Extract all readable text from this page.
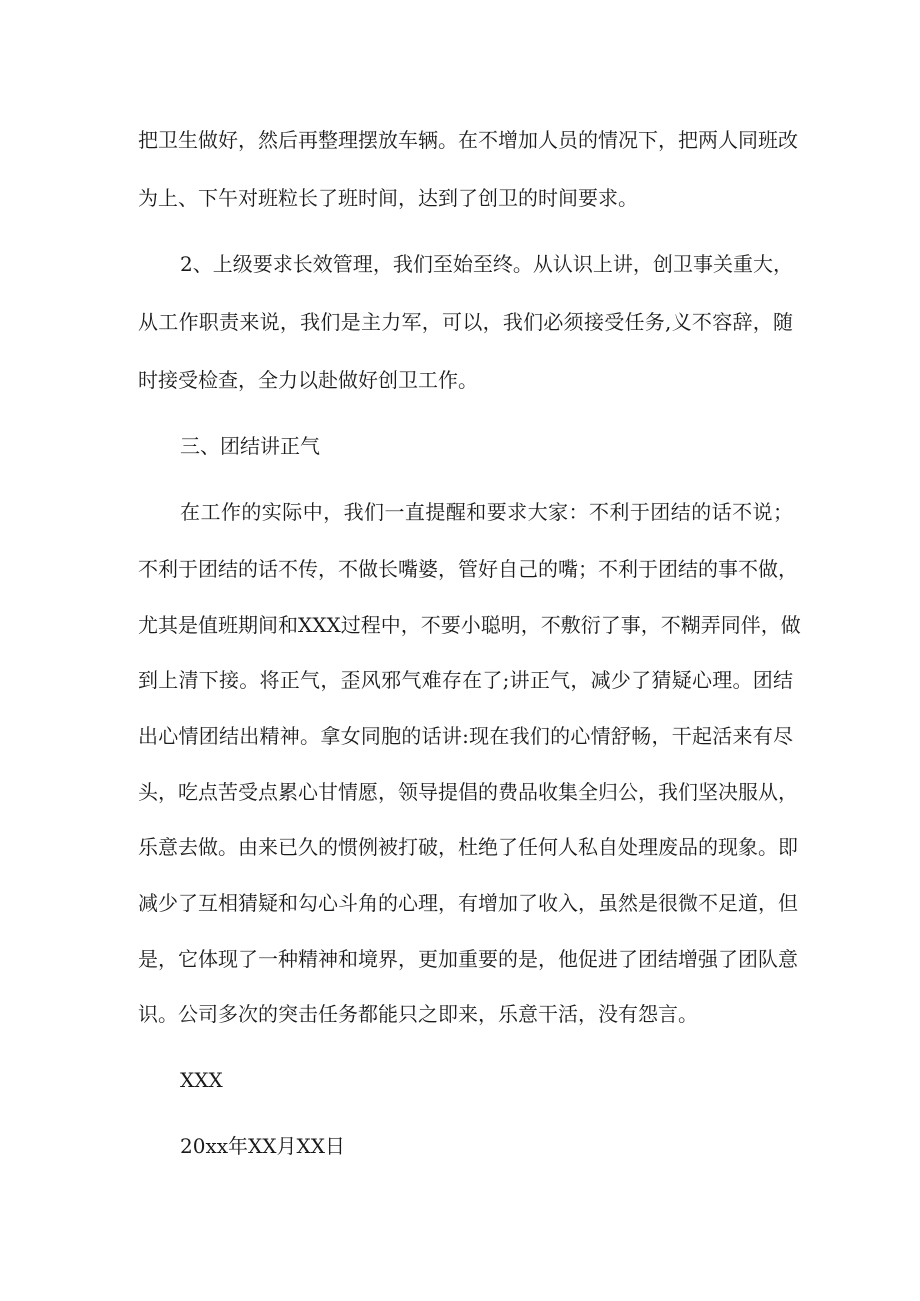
把卫生做好，然后再整理摆放车辆。在不增加人员的情况下，把两人同班改
为上、下午对班粒长了班时间，达到了创卫的时间要求。
2、上级要求长效管理，我们至始至终。从认识上讲，创卫事关重大，
从工作职责来说，我们是主力军，可以，我们必须接受任务,义不容辞，随
时接受检查，全力以赴做好创卫工作。
三、团结讲正气
在工作的实际中，我们一直提醒和要求大家：不利于团结的话不说；
不利于团结的话不传，不做长嘴婆，管好自己的嘴；不利于团结的事不做，
尤其是值班期间和XXX过程中，不要小聪明，不敷衍了事，不糊弄同伴，做
到上清下接。将正气，歪风邪气难存在了;讲正气，减少了猜疑心理。团结
出心情团结出精神。拿女同胞的话讲:现在我们的心情舒畅，干起活来有尽
头，吃点苦受点累心甘情愿，领导提倡的费品收集全归公，我们坚决服从，
乐意去做。由来已久的惯例被打破，杜绝了任何人私自处理废品的现象。即
减少了互相猜疑和勾心斗角的心理，有增加了收入，虽然是很微不足道，但
是，它体现了一种精神和境界，更加重要的是，他促进了团结增强了团队意
识。公司多次的突击任务都能只之即来，乐意干活，没有怨言。
XXX
20xx年XX月XX日
